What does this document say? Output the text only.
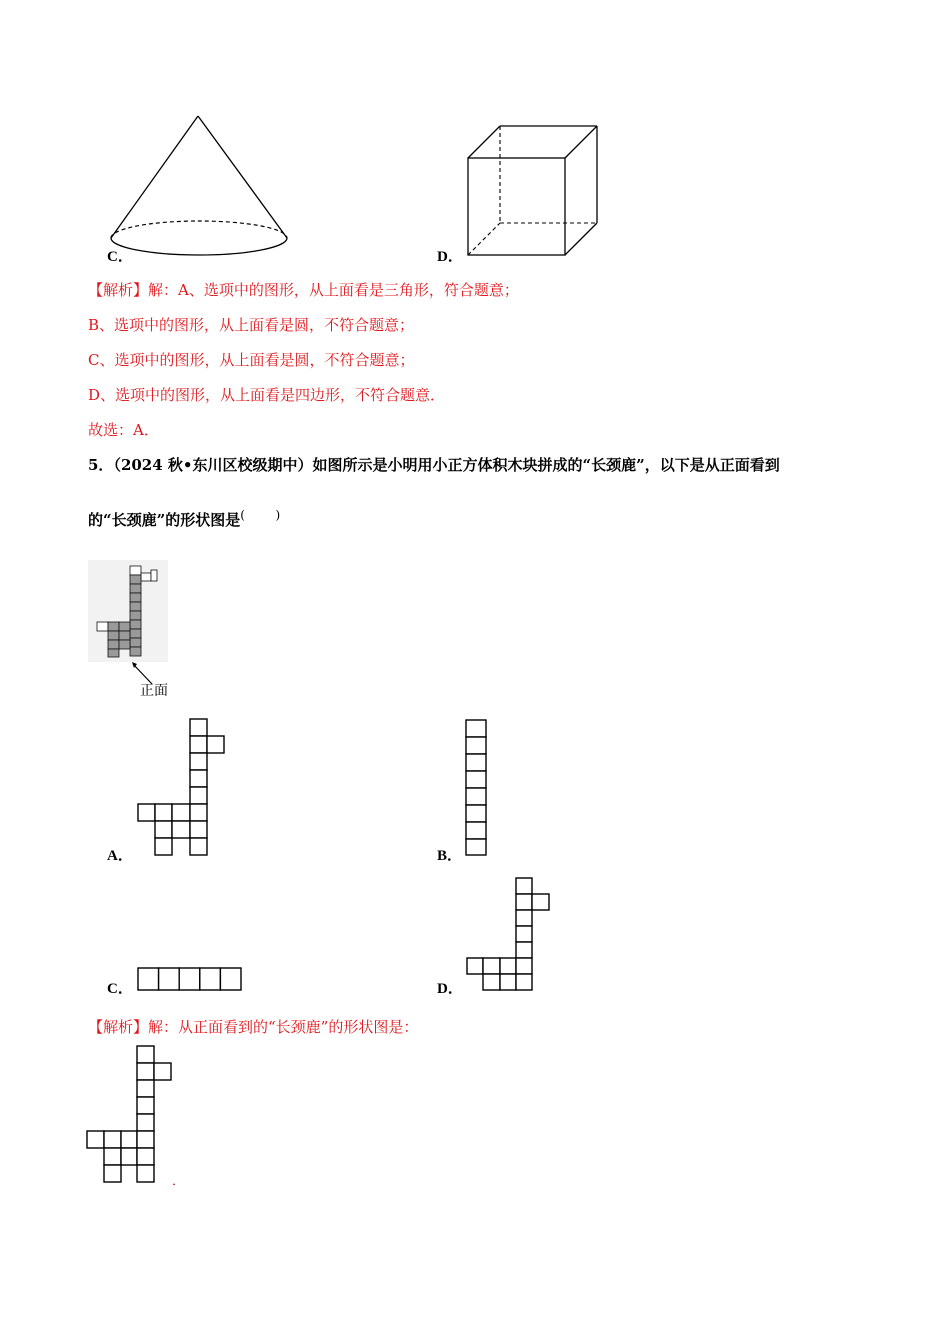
C．	D．
【解析】解：A、选项中的图形，从上面看是三角形，符合题意；
B、选项中的图形，从上面看是圆，不符合题意；
C、选项中的图形，从上面看是圆，不符合题意；
D、选项中的图形，从上面看是四边形，不符合题意．
故选：A．
5．（2024 秋•东川区校级期中）如图所示是小明用小正方体积木块拼成的“长颈鹿”，以下是从正面看到
的“长颈鹿”的形状图是(        )
正面
A．	B．
C．	D．
【解析】解：从正面看到的“长颈鹿”的形状图是：
．
